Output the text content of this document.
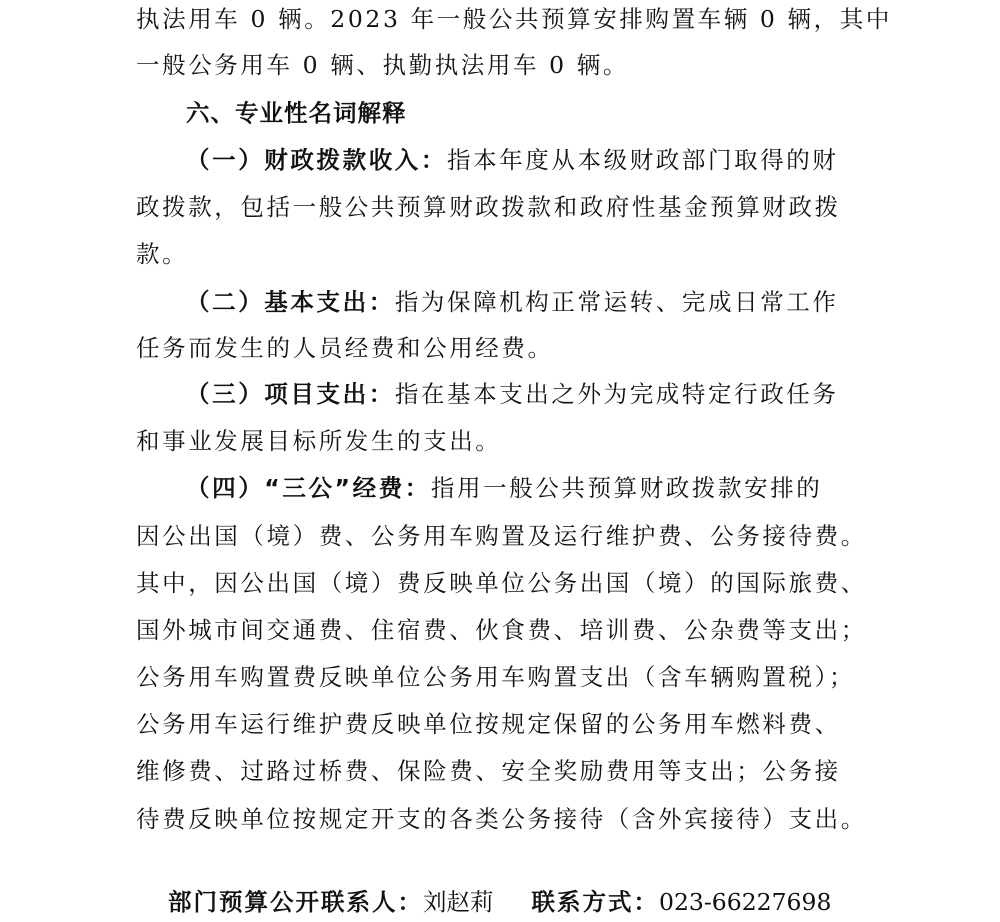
执法用车 0 辆。2023 年一般公共预算安排购置车辆 0 辆，其中
一般公务用车 0 辆、执勤执法用车 0 辆。
六、专业性名词解释
（一）财政拨款收入：指本年度从本级财政部门取得的财
政拨款，包括一般公共预算财政拨款和政府性基金预算财政拨
款。
（二）基本支出：指为保障机构正常运转、完成日常工作
任务而发生的人员经费和公用经费。
（三）项目支出：指在基本支出之外为完成特定行政任务
和事业发展目标所发生的支出。
（四）“三公”经费：指用一般公共预算财政拨款安排的
因公出国（境）费、公务用车购置及运行维护费、公务接待费。
其中，因公出国（境）费反映单位公务出国（境）的国际旅费、
国外城市间交通费、住宿费、伙食费、培训费、公杂费等支出；
公务用车购置费反映单位公务用车购置支出（含车辆购置税）；
公务用车运行维护费反映单位按规定保留的公务用车燃料费、
维修费、过路过桥费、保险费、安全奖励费用等支出；公务接
待费反映单位按规定开支的各类公务接待（含外宾接待）支出。
部门预算公开联系人：刘赵莉 联系方式：023-66227698
